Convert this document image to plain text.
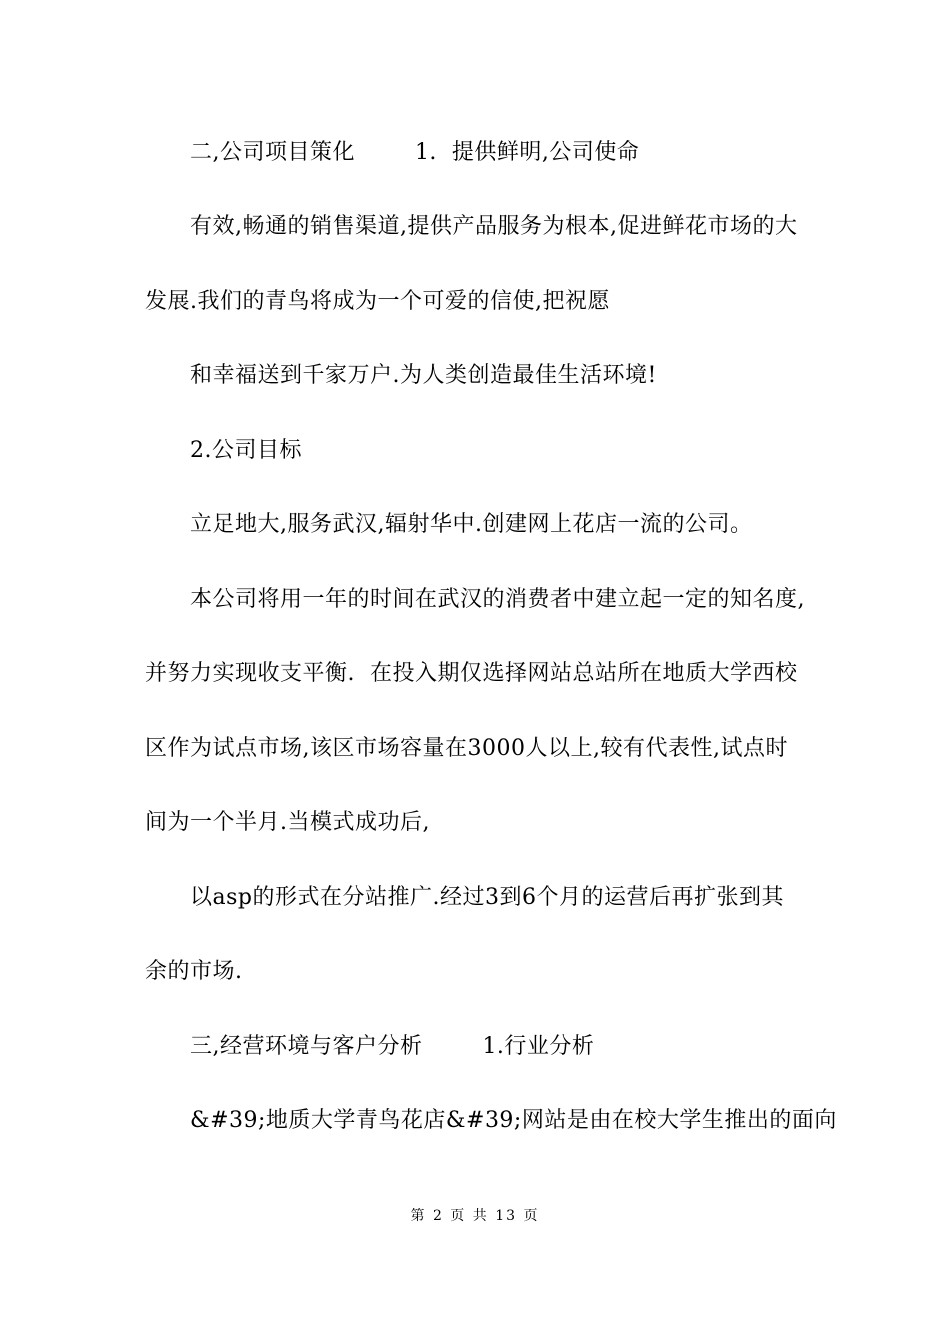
二,公司项目策化        1.  提供鲜明,公司使命
有效,畅通的销售渠道,提供产品服务为根本,促进鲜花市场的大
发展.我们的青鸟将成为一个可爱的信使,把祝愿
和幸福送到千家万户.为人类创造最佳生活环境!
2.公司目标
立足地大,服务武汉,辐射华中.创建网上花店一流的公司。
本公司将用一年的时间在武汉的消费者中建立起一定的知名度,
并努力实现收支平衡.  在投入期仅选择网站总站所在地质大学西校
区作为试点市场,该区市场容量在3000人以上,较有代表性,试点时
间为一个半月.当模式成功后,
以asp的形式在分站推广.经过3到6个月的运营后再扩张到其
余的市场.
三,经营环境与客户分析        1.行业分析
&#39;地质大学青鸟花店&#39;网站是由在校大学生推出的面向
第 2 页 共 13 页
